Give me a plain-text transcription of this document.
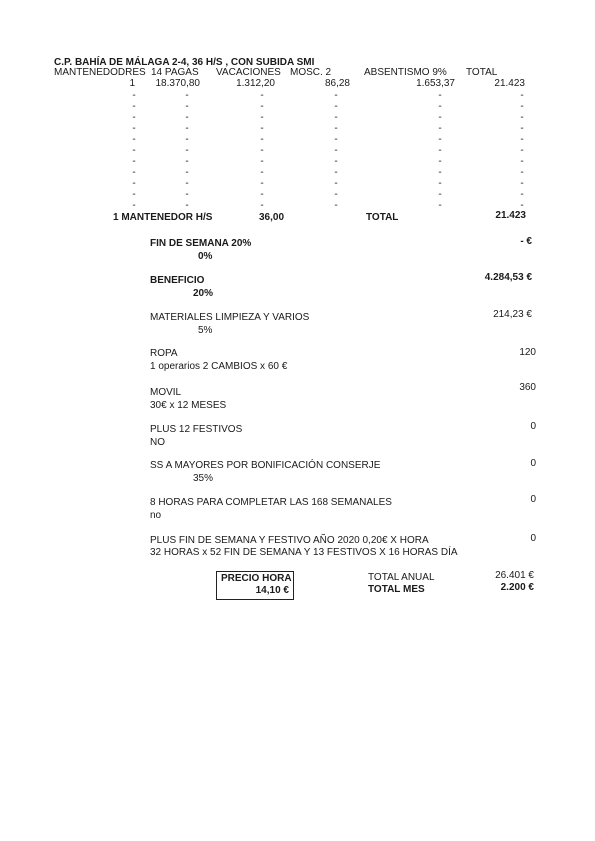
C.P. BAHÍA DE MÁLAGA 2-4, 36 H/S , CON SUBIDA SMI
MANTENEDODRES 14 PAGAS VACACIONES MOSC. 2	ABSENTISMO 9% TOTAL
1	18.370,80	1.312,20	86,28	1.653,37	21.423
-	-	-	-	-	-
-	-	-	-	-	-
-	-	-	-	-	-
-	-	-	-	-	-
-	-	-	-	-	-
-	-	-	-	-	-
-	-	-	-	-	-
-	-	-	-	-	-
-	-	-	-	-	-
-	-	-	-	-	-
-	-	-	-	-	-
1 MANTENEDOR H/S	36,00	TOTAL	21.423
FIN DE SEMANA 20%
0%
- €
BENEFICIO
20%
4.284,53 €
MATERIALES LIMPIEZA Y VARIOS
5%
214,23 €
ROPA
1 operarios 2 CAMBIOS x 60 €
120
MOVIL
30€ x 12 MESES
360
PLUS 12 FESTIVOS
NO
0
SS A MAYORES POR BONIFICACIÓN CONSERJE
35%
0
8 HORAS PARA COMPLETAR LAS 168 SEMANALES
no
0
PLUS FIN DE SEMANA Y FESTIVO AÑO 2020 0,20€ X HORA
32 HORAS x 52 FIN DE SEMANA Y 13 FESTIVOS X 16 HORAS DÍA
0
PRECIO HORA
14,10 €
TOTAL ANUAL	26.401 €
TOTAL MES	2.200 €
